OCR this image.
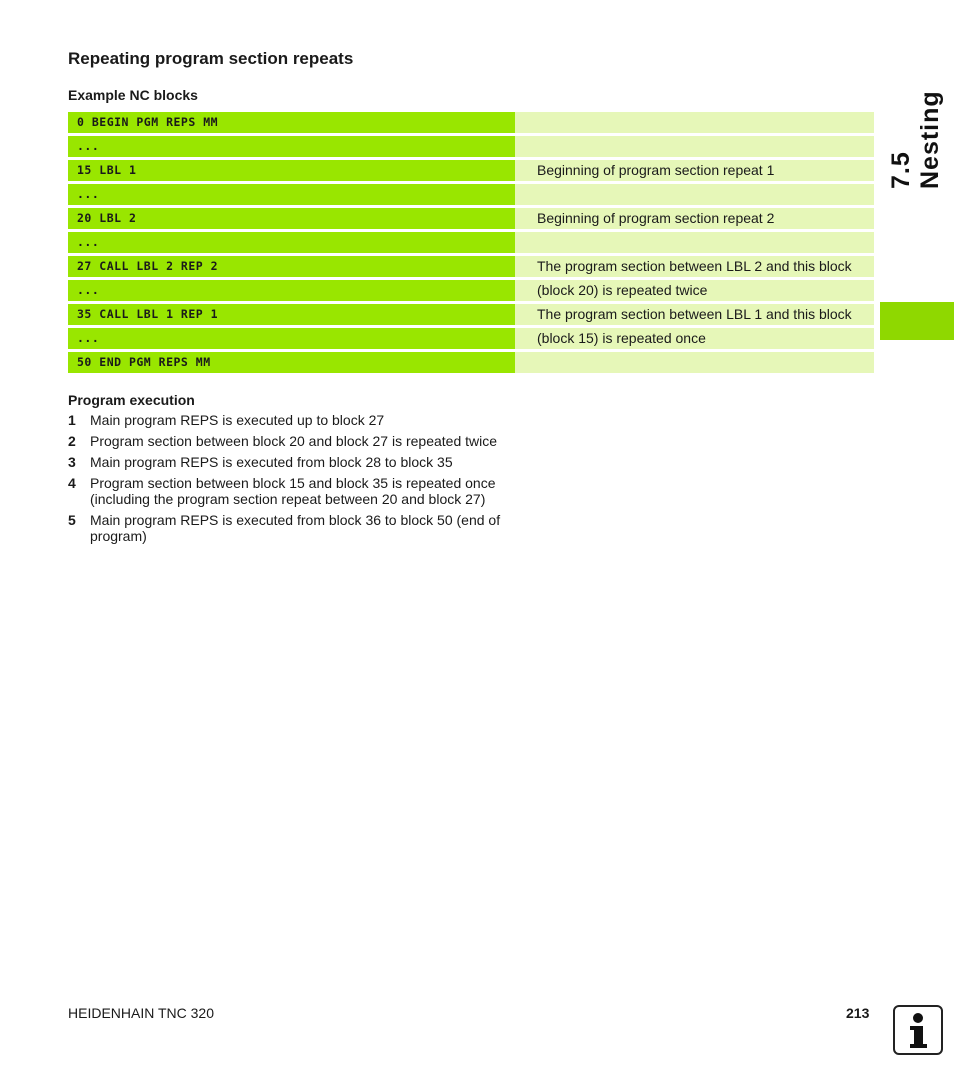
Repeating program section repeats
Example NC blocks
0 BEGIN PGM REPS MM
...
15 LBL 1	Beginning of program section repeat 1
...
20 LBL 2	Beginning of program section repeat 2
...
27 CALL LBL 2 REP 2	The program section between LBL 2 and this block
...	(block 20) is repeated twice
35 CALL LBL 1 REP 1	The program section between LBL 1 and this block
...	(block 15) is repeated once
50 END PGM REPS MM
Program execution
1 Main program REPS is executed up to block 27
2 Program section between block 20 and block 27 is repeated twice
3 Main program REPS is executed from block 28 to block 35
4 Program section between block 15 and block 35 is repeated once (including the program section repeat between 20 and block 27)
5 Main program REPS is executed from block 36 to block 50 (end of program)
7.5 Nesting
HEIDENHAIN TNC 320	213
